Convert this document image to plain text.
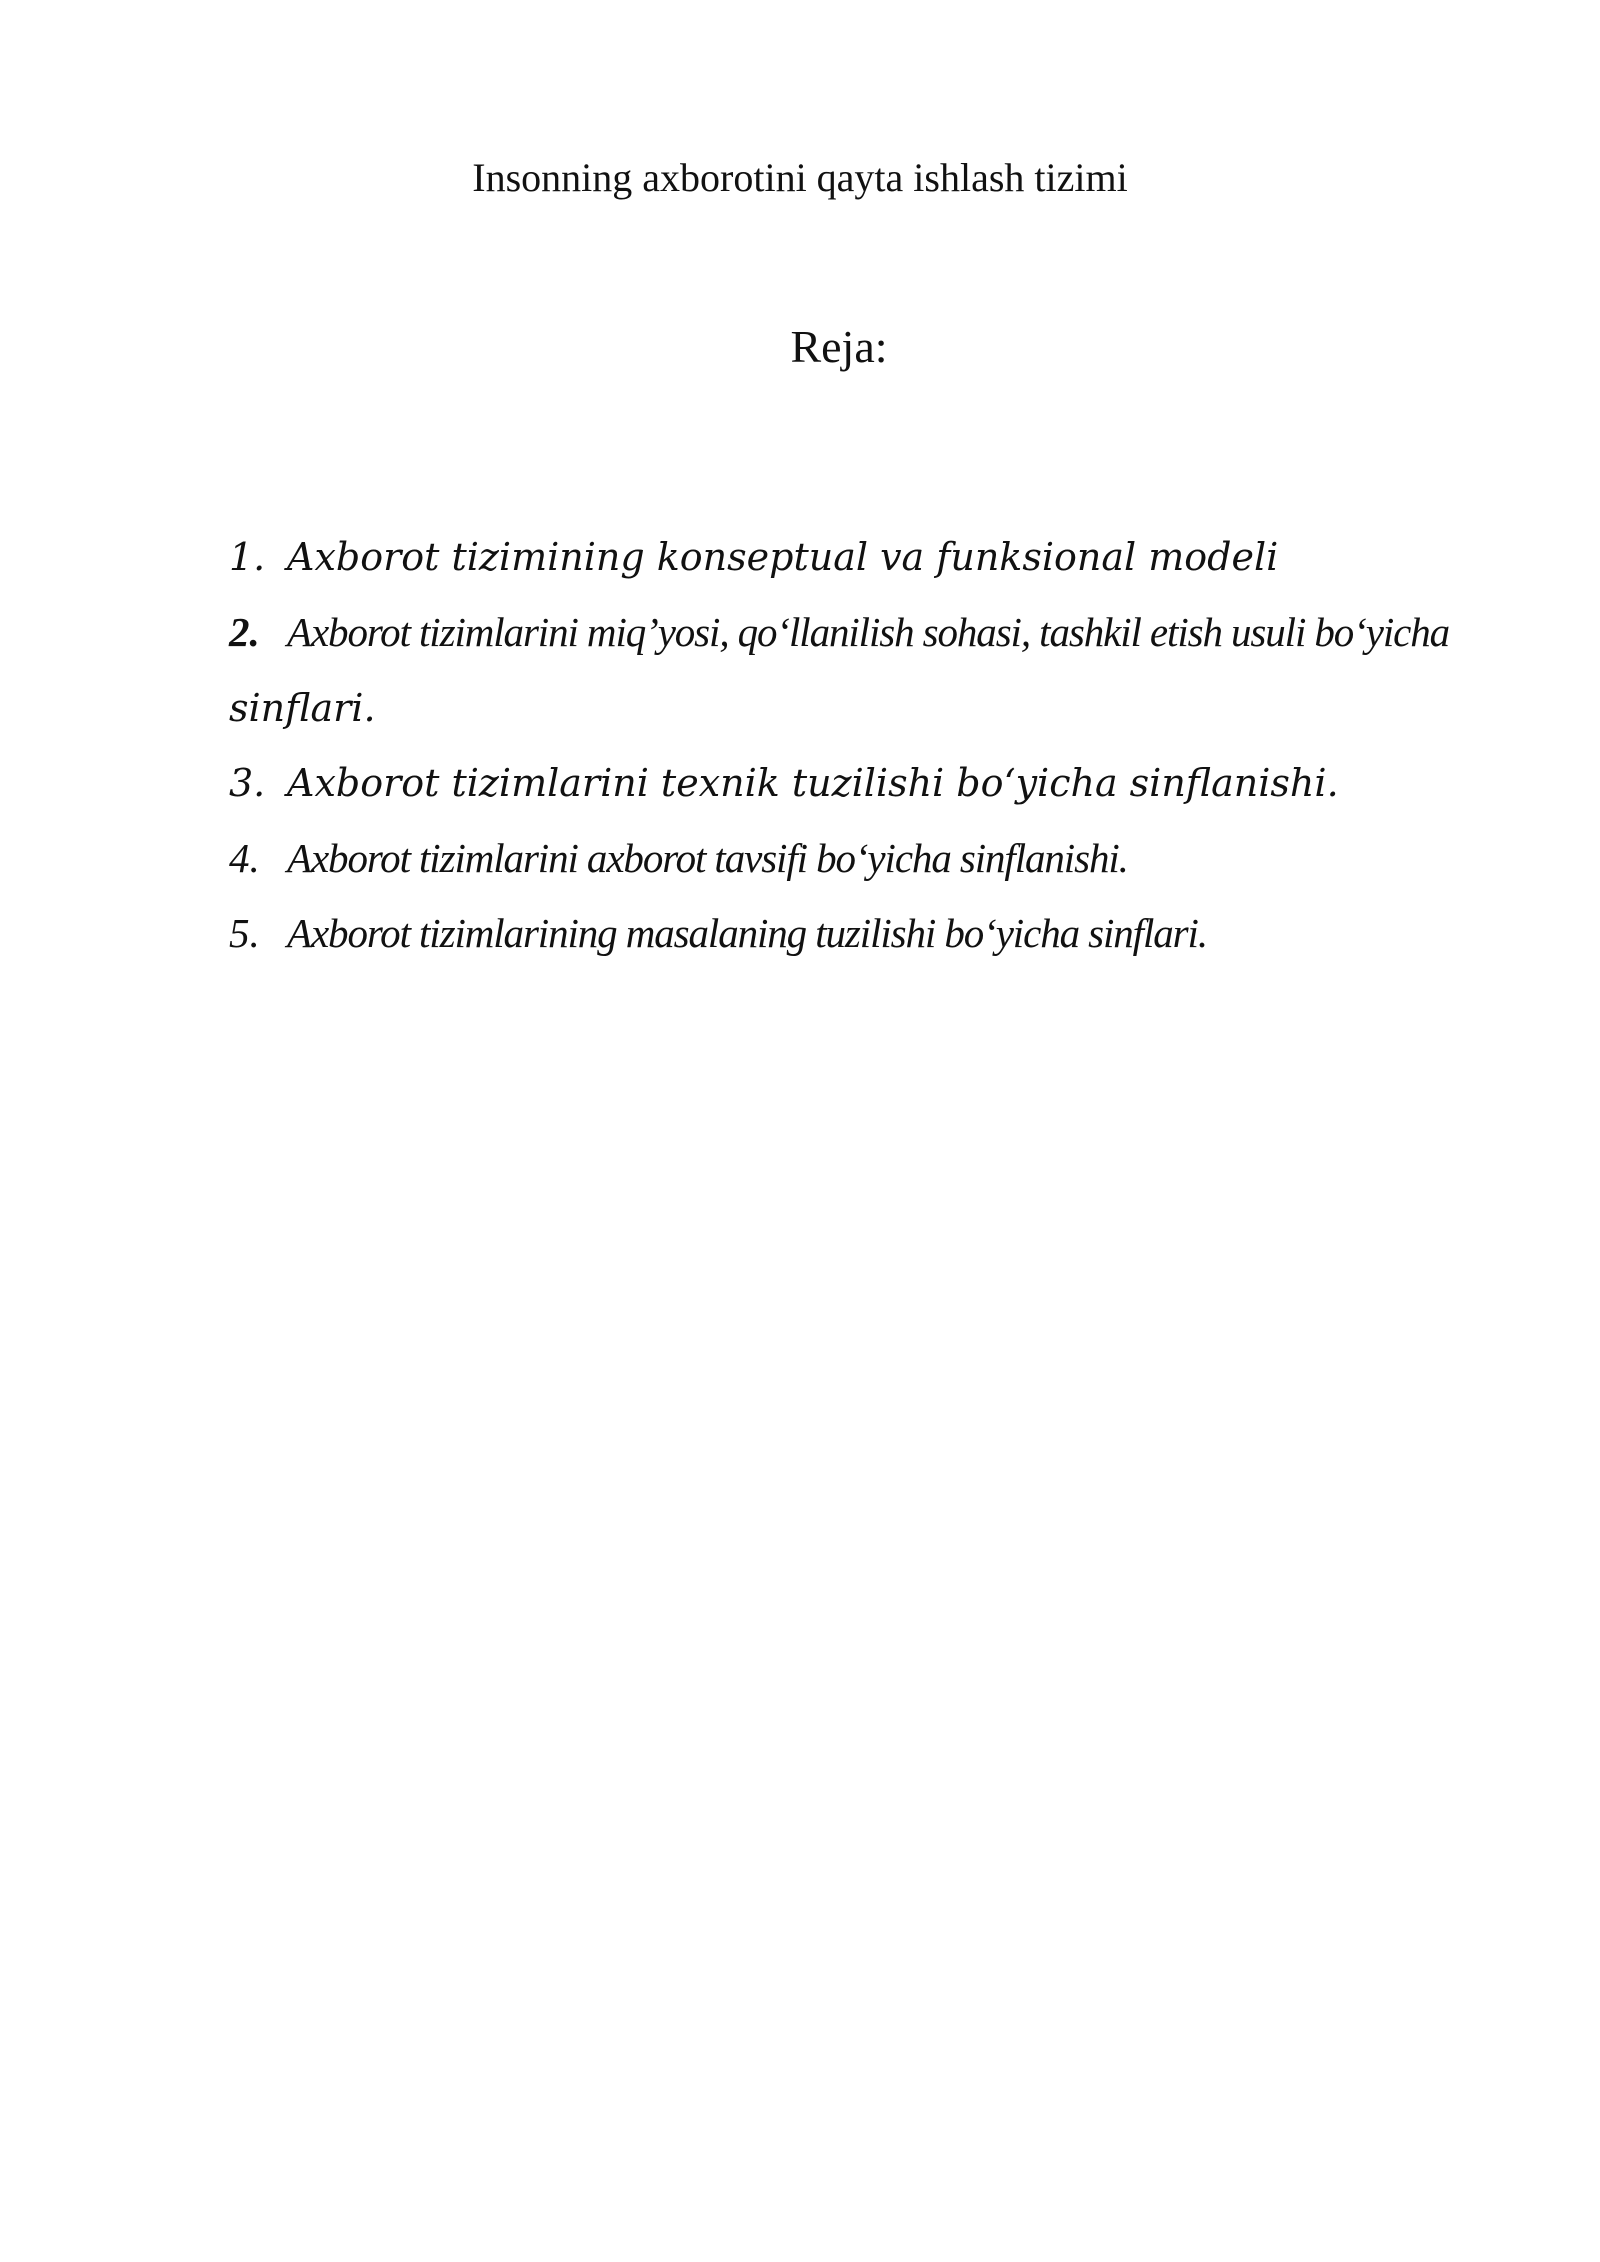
Insonning axborotini qayta ishlash tizimi
Reja:
1. Axborot tizimining konseptual va funksional modeli
2. Axborot tizimlarini miq’yosi, qo‘llanilish sohasi, tashkil etish usuli bo‘yicha
sinflari.
3. Axborot tizimlarini texnik tuzilishi bo‘yicha sinflanishi.
4. Axborot tizimlarini axborot tavsifi bo‘yicha sinflanishi.
5. Axborot tizimlarining masalaning tuzilishi bo‘yicha sinflari.
